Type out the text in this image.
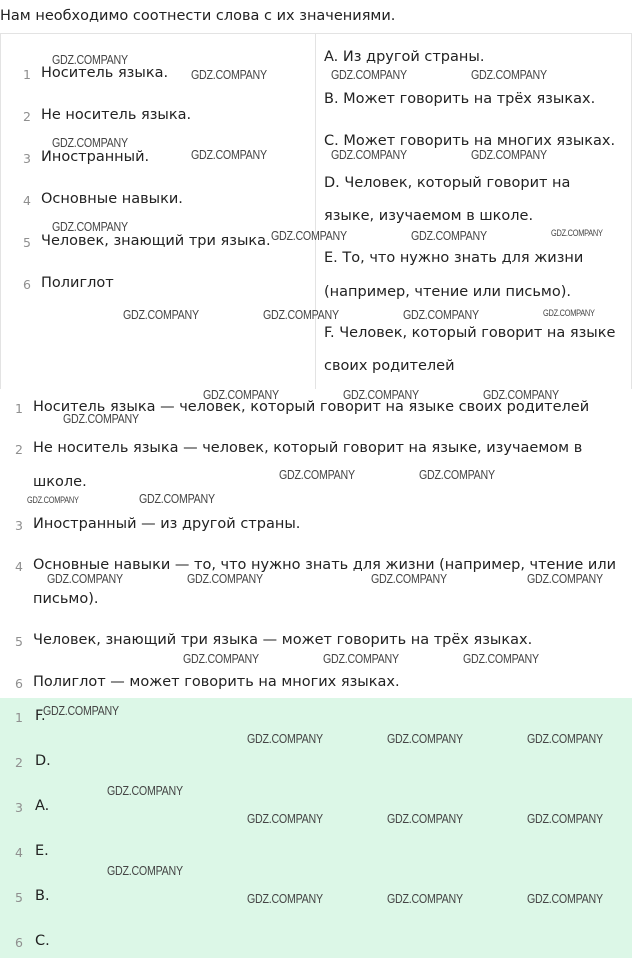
Нам необходимо соотнести слова с их значениями.
1 Носитель языка.
2 Не носитель языка.
3 Иностранный.
4 Основные навыки.
5 Человек, знающий три языка.
6 Полиглот
A. Из другой страны.
B. Может говорить на трёх языках.
C. Может говорить на многих языках.
D. Человек, который говорит на
языке, изучаемом в школе.
E. То, что нужно знать для жизни
(например, чтение или письмо).
F. Человек, который говорит на языке
своих родителей
1 Носитель языка — человек, который говорит на языке своих родителей
2 Не носитель языка — человек, который говорит на языке, изучаемом в
школе.
3 Иностранный — из другой страны.
4 Основные навыки — то, что нужно знать для жизни (например, чтение или
письмо).
5 Человек, знающий три языка — может говорить на трёх языках.
6 Полиглот — может говорить на многих языках.
1 F.
2 D.
3 A.
4 E.
5 B.
6 C.
GDZ.COMPANY
GDZ.COMPANY	GDZ.COMPANY	GDZ.COMPANY
GDZ.COMPANY
GDZ.COMPANY	GDZ.COMPANY	GDZ.COMPANY
GDZ.COMPANY
GDZ.COMPANY	GDZ.COMPANY	GDZ.COMPANY
GDZ.COMPANY	GDZ.COMPANY	GDZ.COMPANY	GDZ.COMPANY
GDZ.COMPANY	GDZ.COMPANY	GDZ.COMPANY
GDZ.COMPANY
GDZ.COMPANY	GDZ.COMPANY
GDZ.COMPANY	GDZ.COMPANY
GDZ.COMPANY	GDZ.COMPANY	GDZ.COMPANY	GDZ.COMPANY
GDZ.COMPANY	GDZ.COMPANY	GDZ.COMPANY
GDZ.COMPANY
GDZ.COMPANY	GDZ.COMPANY	GDZ.COMPANY
GDZ.COMPANY
GDZ.COMPANY	GDZ.COMPANY	GDZ.COMPANY
GDZ.COMPANY
GDZ.COMPANY	GDZ.COMPANY	GDZ.COMPANY
